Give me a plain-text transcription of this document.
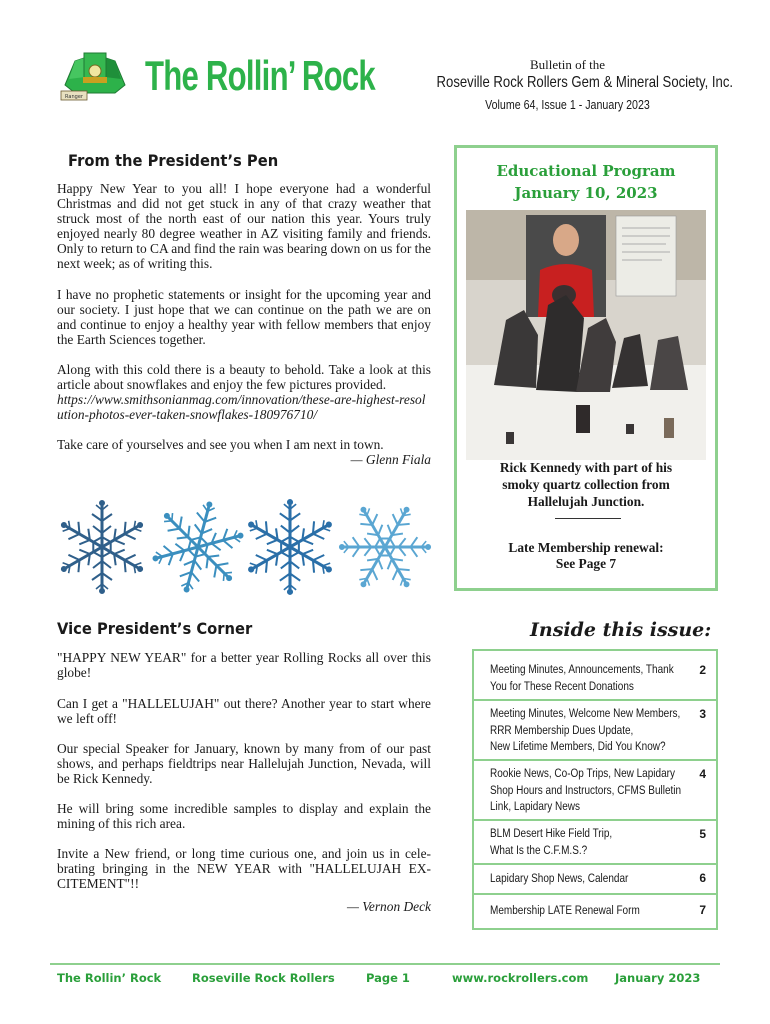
Ranger The Rollin’ Rock	Bulletin of the
Roseville Rock Rollers Gem & Mineral Society, Inc.
Volume 64, Issue 1 - January 2023
From the President’s Pen

Happy New Year to you all! I hope everyone had a wonderful Christmas and did not get stuck in any of that crazy weather that struck most of the north east of our nation this year. Yours truly enjoyed nearly 80 degree weather in AZ visiting family and friends. Only to return to CA and find the rain was bearing down on us for the next week; as of writing this.

I have no prophetic statements or insight for the upcoming year and our society. I just hope that we can continue on the path we are on and continue to enjoy a healthy year with fellow members that enjoy the Earth Sciences together.

Along with this cold there is a beauty to behold. Take a look at this article about snowflakes and enjoy the few pictures provided.

https://www.smithsonianmag.com/innovation/these-are-highest-resolution-photos-ever-taken-snowflakes-180976710/

Take care of yourselves and see you when I am next in town.

— Glenn Fiala
Educational Program
January 10, 2023
Rick Kennedy with part of his smoky quartz collection from Hallelujah Junction.
Late Membership renewal:
See Page 7
Vice President’s Corner

"HAPPY NEW YEAR" for a better year Rolling Rocks all over this globe!

Can I get a "HALLELUJAH" out there? Another year to start where we left off!

Our special Speaker for January, known by many from of our past shows, and perhaps fieldtrips near Hallelujah Junction, Nevada, will be Rick Kennedy.

He will bring some incredible samples to display and explain the mining of this rich area.

Invite a New friend, or long time curious one, and join us in cele-brating bringing in the NEW YEAR with "HALLELUJAH EX-CITEMENT"!!

— Vernon Deck
Inside this issue:
Meeting Minutes, Announcements, Thank
You for These Recent Donations
2
Meeting Minutes, Welcome New Members,
RRR Membership Dues Update,
New Lifetime Members, Did You Know?
3
Rookie News, Co-Op Trips, New Lapidary
Shop Hours and Instructors, CFMS Bulletin
Link, Lapidary News
4
BLM Desert Hike Field Trip,
What Is the C.F.M.S.?
5
Lapidary Shop News, Calendar	6
Membership LATE Renewal Form	7
The Rollin’ Rock	Roseville Rock Rollers	Page 1	www.rockrollers.com January 2023
